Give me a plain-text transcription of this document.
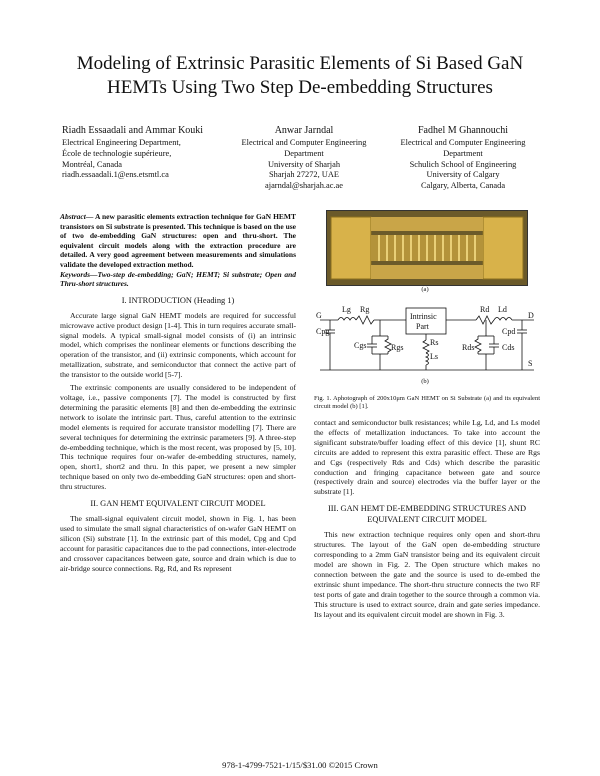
Modeling of Extrinsic Parasitic Elements of Si Based GaN HEMTs Using Two Step De-embedding Structures
Riadh Essaadali and Ammar Kouki
Electrical Engineering Department,
École de technologie supérieure,
Montréal, Canada
riadh.essaadali.1@ens.etsmtl.ca
Anwar Jarndal
Electrical and Computer Engineering
Department
University of Sharjah
Sharjah 27272, UAE
ajarndal@sharjah.ac.ae
Fadhel M Ghannouchi
Electrical and Computer Engineering
Department
Schulich School of Engineering
University of Calgary
Calgary, Alberta, Canada
Abstract— A new parasitic elements extraction technique for GaN HEMT transistors on Si substrate is presented. This technique is based on the use of two de-embedding GaN structures: open and thru-short. The equivalent circuit models along with the extraction procedure are detailed. A very good agreement between measurements and simulations validate the developed extraction method.
Keywords—Two-step de-embedding; GaN; HEMT; Si substrate; Open and Thru-short structures.
I. INTRODUCTION (Heading 1)

Accurate large signal GaN HEMT models are required for successful microwave active product design [1-4]. This in turn requires accurate small-signal models. A typical small-signal model consists of (i) an intrinsic model, which comprises the nonlinear elements or functions describing the operation of the transistor, and (ii) extrinsic components, which account for metallization, substrate, and semiconductor that connect the active part of the transistor to the outside world [5-7].

The extrinsic components are usually considered to be independent of voltage, i.e., passive components [7]. The model is constructed by first determining the parasitic elements [8] and then de-embedding the extrinsic network to isolate the intrinsic part. Thus, careful attention to the extrinsic model elements is required for accurate transistor modelling [7]. There are several techniques for determining the extrinsic parameters [9]. A three-step de-embedding technique, which is the most recent, was proposed by [5, 10]. This technique requires four on-wafer de-embedding structures, namely, open, short1, short2 and thru. In this paper, we present a new simpler technique based on only two de-embedding GaN structures: open and short-thru structures.

II. GAN HEMT EQUIVALENT CIRCUIT MODEL

The small-signal equivalent circuit model, shown in Fig. 1, has been used to simulate the small signal characteristics of on-wafer GaN HEMT on silicon (Si) substrate [1]. In the extrinsic part of this model, Cpg and Cpd account for parasitic capacitances due to the pad connections, inter-electrode and crossover capacitances between gate, source and drain which is due to air-bridge source connections. Rg, Rd, and Rs represent

(a)
Lg Rg	Rd Ld
G	D
S
Cpg
Cgs	Rgs
Rs
Ls
Cpd
Rds	Cds
Intrinsic
Part
(b)
Fig. 1. Aphotograph of 200x10μm GaN HEMT on Si Substrate (a) and its equivalent circuit model (b) [1].

contact and semiconductor bulk resistances; while Lg, Ld, and Ls model the effects of metallization inductances. To take into account the significant substrate/buffer loading effect of this device [1], shunt RC circuits are added to represent this extra parasitic effect. These are Rgs and Cgs (respectively Rds and Cds) which describe the parasitic conduction and fringing capacitance between gate and source (respectively drain and source) electrodes via the buffer layer or the substrate [1].

III. GAN HEMT DE-EMBEDDING STRUCTURES AND EQUIVALENT CIRCUIT MODEL

This new extraction technique requires only open and short-thru structures. The layout of the GaN open de-embedding structure corresponding to a 2mm GaN transistor being and its equivalent circuit model are shown in Fig. 2. The Open structure which makes no connection between the gate and the source is used to de-embed the extrinsic shunt impedance. The short-thru structure connects the two RF test ports of gate and drain together to the source through a common via. This structure is used to extract source, drain and gate series impedance. Its layout and its equivalent circuit model are shown in Fig. 3.

978-1-4799-7521-1/15/$31.00 ©2015 Crown
